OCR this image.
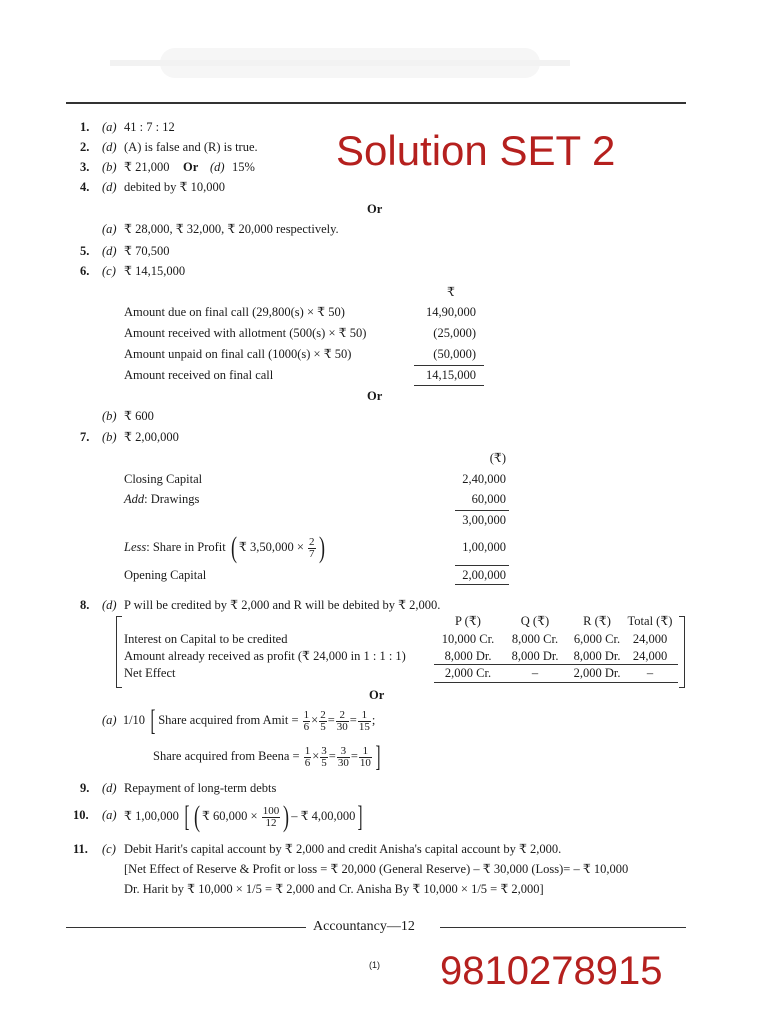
Solution SET 2
1. (a) 41 : 7 : 12
2. (d) (A) is false and (R) is true.
3. (b) ₹ 21,000 Or (d) 15%
4. (d) debited by ₹ 10,000
Or
(a) ₹ 28,000, ₹ 32,000, ₹ 20,000 respectively.
5. (d) ₹ 70,500
6. (c) ₹ 14,15,000
₹
Amount due on final call (29,800(s) × ₹ 50)	14,90,000
Amount received with allotment (500(s) × ₹ 50)	(25,000)
Amount unpaid on final call (1000(s) × ₹ 50)	(50,000)
Amount received on final call	14,15,000
Or
(b) ₹ 600
7. (b) ₹ 2,00,000
(₹)
Closing Capital	2,40,000
Add: Drawings	60,000
3,00,000
Less: Share in Profit ( ₹ $3,50,000 \times \frac{2}{7}$ )	1,00,000
Opening Capital	2,00,000
8. (d) P will be credited by ₹ 2,000 and R will be debited by ₹ 2,000.
P (₹)	Q (₹)	R (₹)	Total (₹)
Interest on Capital to be credited	10,000 Cr.	8,000 Cr.	6,000 Cr.	24,000
Amount already received as profit (₹ 24,000 in 1 : 1 : 1)	8,000 Dr.	8,000 Dr.	8,000 Dr. 24,000
Net Effect	2,000 Cr.	–	2,000 Dr.	–
Or
(a) 1/10 [ Share acquired from Amit = $\frac{1}{6} \times \frac{2}{5} = \frac{2}{30} = \frac{1}{15}$ ;
Share acquired from Beena = $\frac{1}{6} \times \frac{3}{5} = \frac{3}{30} = \frac{1}{10}$ ]
9. (d) Repayment of long-term debts
10. (a) ₹ 1,00,000 [ ( ₹ $60,000 \times \frac{100}{12}$ ) – ₹ 4,00,000]
11. (c) Debit Harit's capital account by ₹ 2,000 and credit Anisha's capital account by ₹ 2,000.
[Net Effect of Reserve & Profit or loss = ₹ 20,000 (General Reserve) – ₹ 30,000 (Loss)= – ₹ 10,000
Dr. Harit by ₹ 10,000 × 1/5 = ₹ 2,000 and Cr. Anisha By ₹ 10,000 × 1/5 = ₹ 2,000]
Accountancy—12
(1) 9810278915
